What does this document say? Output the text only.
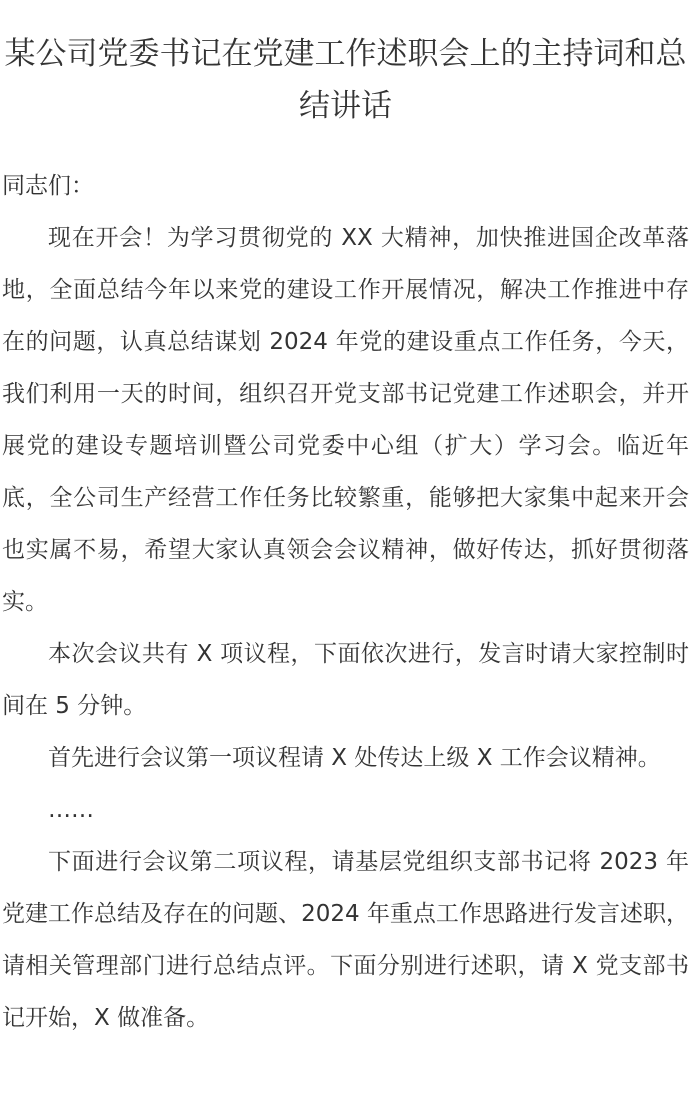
某公司党委书记在党建工作述职会上的主持词和总结讲话

同志们：

现在开会！为学习贯彻党的 XX 大精神，加快推进国企改革落地，全面总结今年以来党的建设工作开展情况，解决工作推进中存在的问题，认真总结谋划 2024 年党的建设重点工作任务，今天，我们利用一天的时间，组织召开党支部书记党建工作述职会，并开展党的建设专题培训暨公司党委中心组（扩大）学习会。临近年底，全公司生产经营工作任务比较繁重，能够把大家集中起来开会也实属不易，希望大家认真领会会议精神，做好传达，抓好贯彻落实。

本次会议共有 X 项议程，下面依次进行，发言时请大家控制时间在 5 分钟。

首先进行会议第一项议程请 X 处传达上级 X 工作会议精神。

……

下面进行会议第二项议程，请基层党组织支部书记将 2023 年党建工作总结及存在的问题、2024 年重点工作思路进行发言述职，请相关管理部门进行总结点评。下面分别进行述职，请 X 党支部书记开始，X 做准备。
